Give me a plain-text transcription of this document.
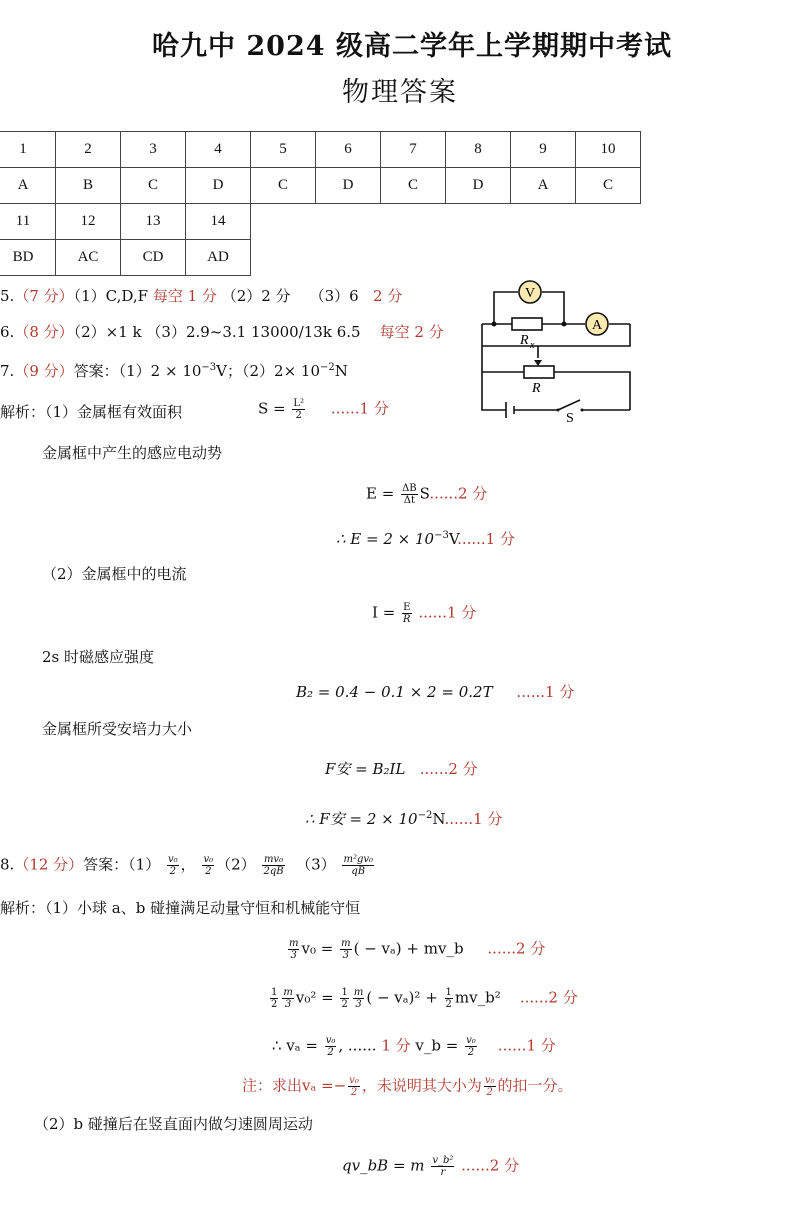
哈九中 2024 级高二学年上学期期中考试
物理答案
1	2	3	4	5	6	7	8	9	10
A	B	C	D	C	D	C	D	A	C
11	12	13	14						
BD	AC	CD	AD						
5.（7 分）（1）C,D,F 每空 1 分 （2）2 分 （3）6 2 分
6.（8 分）（2）×1 k （3）2.9~3.1 13000/13k 6.5 每空 2 分
7.（9 分）答案：$(1)2 \times 10^{-3}V$；$(2)2\times 10^{-2}N$
V
A
R x
R
S
解析：（1）金属框有效面积	$S = \frac{\text{L²}}{2} ......1$ 分
金属框中产生的感应电动势
$E = \frac{\Delta B}{\Delta t} S......2$ 分
∴ $E = 2 \times 10^{-3}V......1$ 分
（2）金属框中的电流
$I = \frac{E}{R} ......1$ 分
2s 时磁感应强度
B₂ = 0.4 − 0.1 × 2 = 0.2T ......1 分
金属框所受安培力大小
F安 = B₂IL ......2 分
∴ F安 = $2 \times 10^{-2}N......1$ 分
8.（12 分）答案：$(1) \frac{\text{v₀}}{2}$ ， $\frac{\text{v₀}}{2} (2) \frac{\text{mv₀}}{2qB} (3) \frac{\text{m²gv₀}}{qB}$
解析：（1）小球 a、b 碰撞满足动量守恒和机械能守恒
$\frac{m}{3} v_0 = \frac{m}{3}$ ( − vₐ) + mv_b ......2 分
$\frac{1}{2} \frac{m}{3} v_0^2 = \frac{1}{2} \frac{m}{3}$ ( − $v_a)^2 + \frac{1}{2}$ mv_b² ......2 分
∴ $v_a = \frac{\text{v₀}}{2}$ , ...... 1 分 v_b = $\frac{\text{v₀}}{2} ......1$ 分
注：求出$v_a =- \frac{\text{v₀}}{2}$ ，未说明其大小为 $\frac{\text{v₀}}{2}$ 的扣一分。
（2）b 碰撞后在竖直面内做匀速圆周运动
qv_bB = m $\frac{\text{v\_b²}}{r} ......2$ 分
